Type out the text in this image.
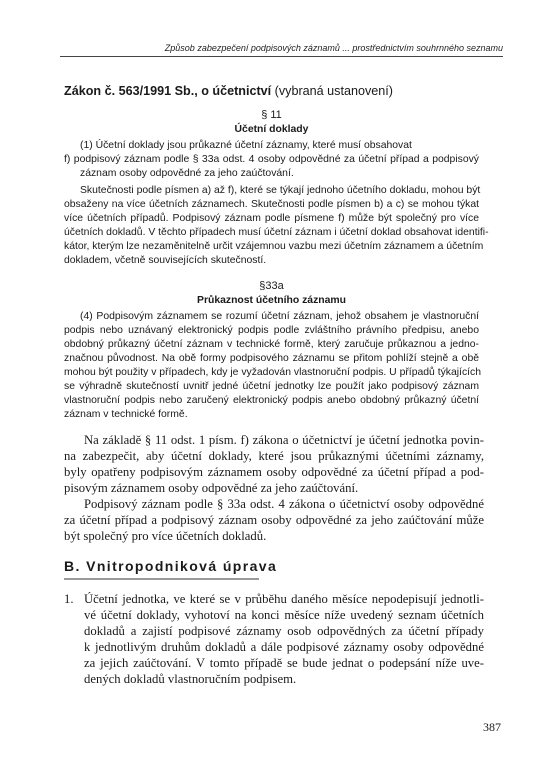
Způsob zabezpečení podpisových záznamů ... prostřednictvím souhrnného seznamu
Zákon č. 563/1991 Sb., o účetnictví (vybraná ustanovení)
§ 11
Účetní doklady
(1) Účetní doklady jsou průkazné účetní záznamy, které musí obsahovat
f) podpisový záznam podle § 33a odst. 4 osoby odpovědné za účetní případ a podpisový
záznam osoby odpovědné za jeho zaúčtování.
Skutečnosti podle písmen a) až f), které se týkají jednoho účetního dokladu, mohou být
obsaženy na více účetních záznamech. Skutečnosti podle písmen b) a c) se mohou týkat
více účetních případů. Podpisový záznam podle písmene f) může být společný pro více
účetních dokladů. V těchto případech musí účetní záznam i účetní doklad obsahovat identifi-
kátor, kterým lze nezaměnitelně určit vzájemnou vazbu mezi účetním záznamem a účetním
dokladem, včetně souvisejících skutečností.
§33a
Průkaznost účetního záznamu
(4) Podpisovým záznamem se rozumí účetní záznam, jehož obsahem je vlastnoruční
podpis nebo uznávaný elektronický podpis podle zvláštního právního předpisu, anebo
obdobný průkazný účetní záznam v technické formě, který zaručuje průkaznou a jedno-
značnou původnost. Na obě formy podpisového záznamu se přitom pohlíží stejně a obě
mohou být použity v případech, kdy je vyžadován vlastnoruční podpis. U případů týkajících
se výhradně skutečností uvnitř jedné účetní jednotky lze použít jako podpisový záznam
vlastnoruční podpis nebo zaručený elektronický podpis anebo obdobný průkazný účetní
záznam v technické formě.
Na základě § 11 odst. 1 písm. f) zákona o účetnictví je účetní jednotka povin-
na zabezpečit, aby účetní doklady, které jsou průkaznými účetními záznamy,
byly opatřeny podpisovým záznamem osoby odpovědné za účetní případ a pod-
pisovým záznamem osoby odpovědné za jeho zaúčtování.
Podpisový záznam podle § 33a odst. 4 zákona o účetnictví osoby odpovědné
za účetní případ a podpisový záznam osoby odpovědné za jeho zaúčtování může
být společný pro více účetních dokladů.
B. Vnitropodniková úprava
1. Účetní jednotka, ve které se v průběhu daného měsíce nepodepisují jednotli-
vé účetní doklady, vyhotoví na konci měsíce níže uvedený seznam účetních
dokladů a zajistí podpisové záznamy osob odpovědných za účetní případy
k jednotlivým druhům dokladů a dále podpisové záznamy osoby odpovědné
za jejich zaúčtování. V tomto případě se bude jednat o podepsání níže uve-
dených dokladů vlastnoručním podpisem.
387
